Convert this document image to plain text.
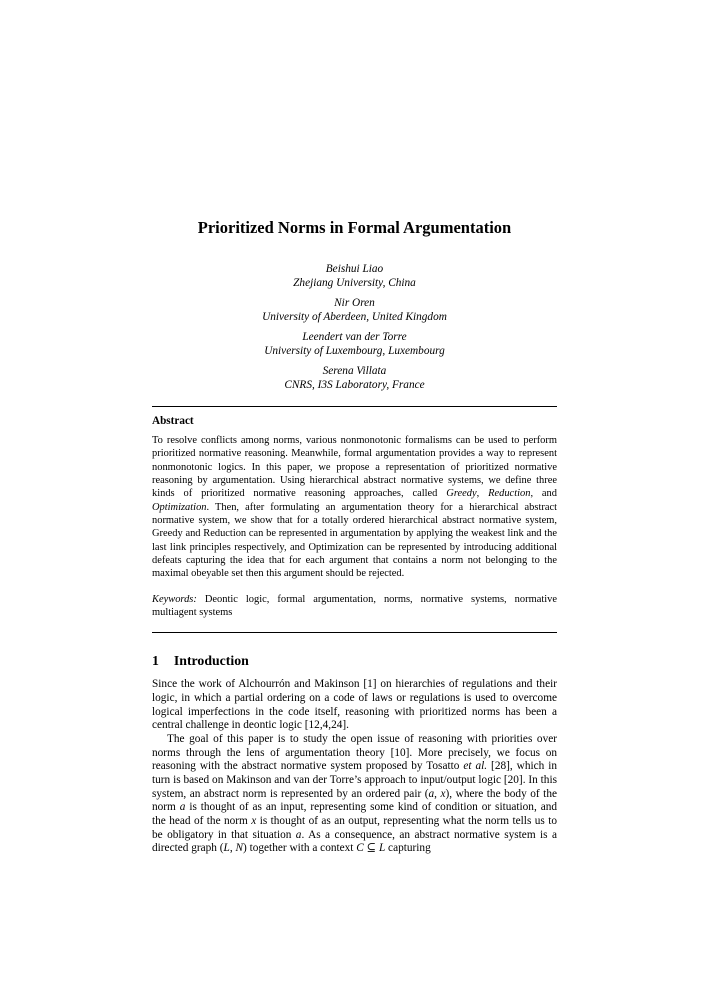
Prioritized Norms in Formal Argumentation
Beishui Liao
Zhejiang University, China
Nir Oren
University of Aberdeen, United Kingdom
Leendert van der Torre
University of Luxembourg, Luxembourg
Serena Villata
CNRS, I3S Laboratory, France
Abstract

To resolve conflicts among norms, various nonmonotonic formalisms can be used to perform prioritized normative reasoning. Meanwhile, formal argumentation provides a way to represent nonmonotonic logics. In this paper, we propose a representation of prioritized normative reasoning by argumentation. Using hierarchical abstract normative systems, we define three kinds of prioritized normative reasoning approaches, called Greedy, Reduction, and Optimization. Then, after formulating an argumentation theory for a hierarchical abstract normative system, we show that for a totally ordered hierarchical abstract normative system, Greedy and Reduction can be represented in argumentation by applying the weakest link and the last link principles respectively, and Optimization can be represented by introducing additional defeats capturing the idea that for each argument that contains a norm not belonging to the maximal obeyable set then this argument should be rejected.

Keywords: Deontic logic, formal argumentation, norms, normative systems, normative multiagent systems

1 Introduction

Since the work of Alchourrón and Makinson [1] on hierarchies of regulations and their logic, in which a partial ordering on a code of laws or regulations is used to overcome logical imperfections in the code itself, reasoning with prioritized norms has been a central challenge in deontic logic [12,4,24].

The goal of this paper is to study the open issue of reasoning with priorities over norms through the lens of argumentation theory [10]. More precisely, we focus on reasoning with the abstract normative system proposed by Tosatto et al. [28], which in turn is based on Makinson and van der Torre’s approach to input/output logic [20]. In this system, an abstract norm is represented by an ordered pair (a, x), where the body of the norm a is thought of as an input, representing some kind of condition or situation, and the head of the norm x is thought of as an output, representing what the norm tells us to be obligatory in that situation a. As a consequence, an abstract normative system is a directed graph (L, N) together with a context C ⊆ L capturing
